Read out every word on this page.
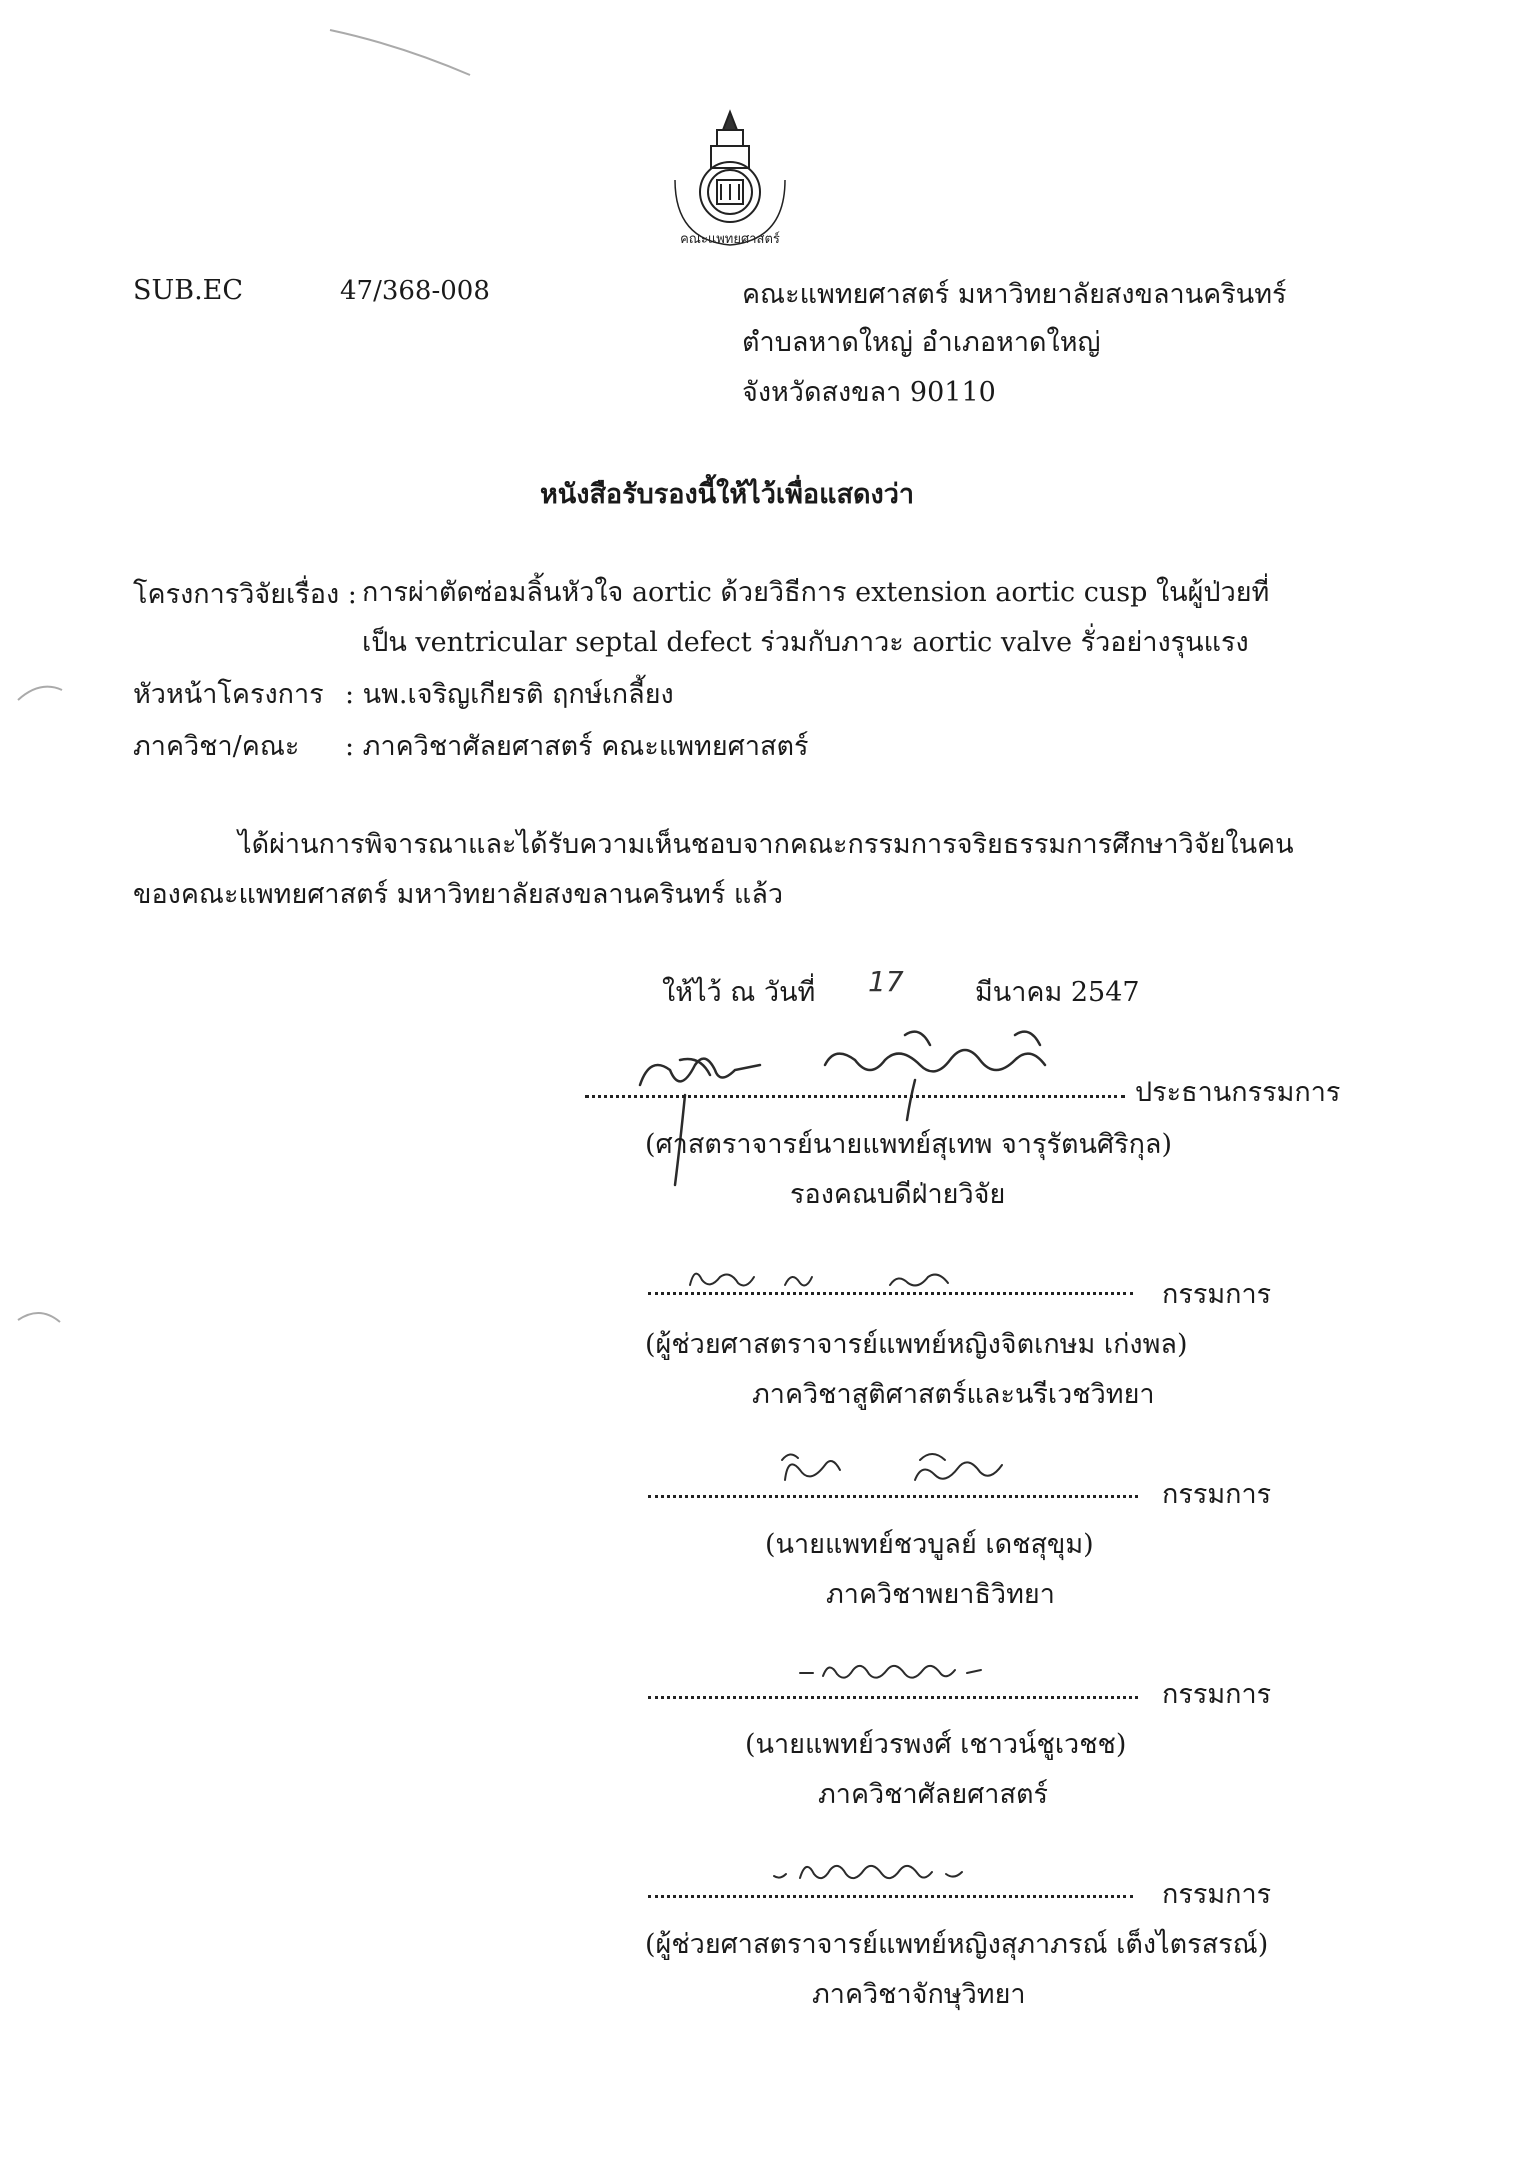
คณะแพทยศาสตร์
SUB.EC	47/368-008	คณะแพทยศาสตร์ มหาวิทยาลัยสงขลานครินทร์
ตำบลหาดใหญ่ อำเภอหาดใหญ่
จังหวัดสงขลา 90110
หนังสือรับรองนี้ให้ไว้เพื่อแสดงว่า
โครงการวิจัยเรื่อง : การผ่าตัดซ่อมลิ้นหัวใจ aortic ด้วยวิธีการ extension aortic cusp ในผู้ป่วยที่
เป็น ventricular septal defect ร่วมกับภาวะ aortic valve รั่วอย่างรุนแรง
หัวหน้าโครงการ : นพ.เจริญเกียรติ ฤกษ์เกลี้ยง
ภาควิชา/คณะ : ภาควิชาศัลยศาสตร์ คณะแพทยศาสตร์
ได้ผ่านการพิจารณาและได้รับความเห็นชอบจากคณะกรรมการจริยธรรมการศึกษาวิจัยในคน
ของคณะแพทยศาสตร์ มหาวิทยาลัยสงขลานครินทร์ แล้ว
ให้ไว้ ณ วันที่ 17	มีนาคม 2547
ประธานกรรมการ
(ศาสตราจารย์นายแพทย์สุเทพ จารุรัตนศิริกุล)
รองคณบดีฝ่ายวิจัย
กรรมการ
(ผู้ช่วยศาสตราจารย์แพทย์หญิงจิตเกษม เก่งพล)
ภาควิชาสูติศาสตร์และนรีเวชวิทยา
กรรมการ
(นายแพทย์ชวบูลย์ เดชสุขุม)
ภาควิชาพยาธิวิทยา
กรรมการ
(นายแพทย์วรพงศ์ เชาวน์ชูเวชช)
ภาควิชาศัลยศาสตร์
กรรมการ
(ผู้ช่วยศาสตราจารย์แพทย์หญิงสุภาภรณ์ เต็งไตรสรณ์)
ภาควิชาจักษุวิทยา
